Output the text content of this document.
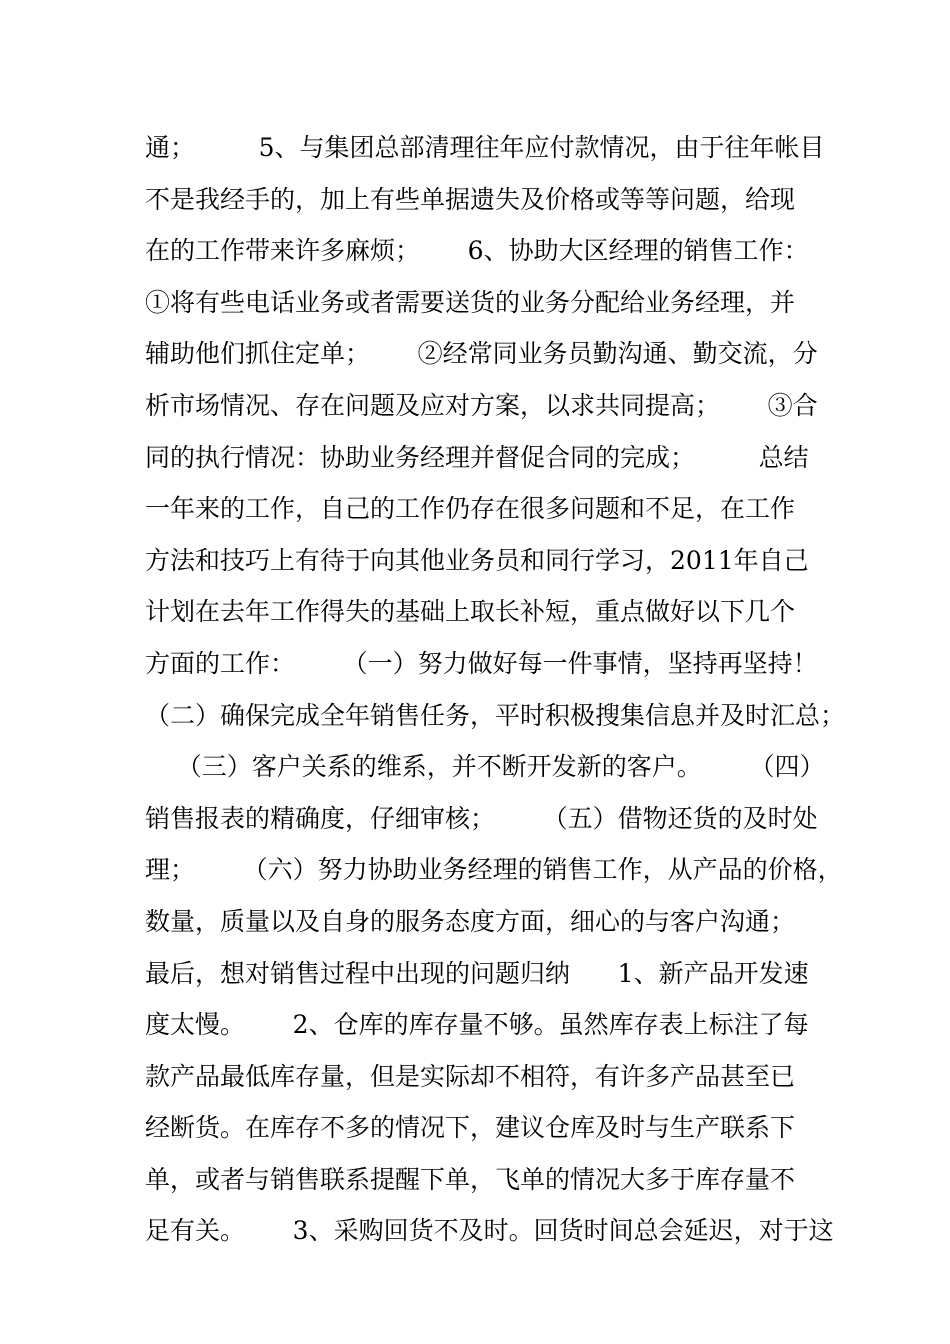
通；        5、与集团总部清理往年应付款情况，由于往年帐目
不是我经手的，加上有些单据遗失及价格或等等问题，给现
在的工作带来许多麻烦；      6、协助大区经理的销售工作：
①将有些电话业务或者需要送货的业务分配给业务经理，并
辅助他们抓住定单；      ②经常同业务员勤沟通、勤交流，分
析市场情况、存在问题及应对方案，以求共同提高；      ③合
同的执行情况：协助业务经理并督促合同的完成；        总结
一年来的工作，自己的工作仍存在很多问题和不足，在工作
方法和技巧上有待于向其他业务员和同行学习，2011年自己
计划在去年工作得失的基础上取长补短，重点做好以下几个
方面的工作：      （一）努力做好每一件事情，坚持再坚持！
（二）确保完成全年销售任务，平时积极搜集信息并及时汇总；
（三）客户关系的维系，并不断开发新的客户。      （四）
销售报表的精确度，仔细审核；      （五）借物还货的及时处
理；      （六）努力协助业务经理的销售工作，从产品的价格，
数量，质量以及自身的服务态度方面，细心的与客户沟通；
最后，想对销售过程中出现的问题归纳      1、新产品开发速
度太慢。      2、仓库的库存量不够。虽然库存表上标注了每
款产品最低库存量，但是实际却不相符，有许多产品甚至已
经断货。在库存不多的情况下，建议仓库及时与生产联系下
单，或者与销售联系提醒下单，飞单的情况大多于库存量不
足有关。      3、采购回货不及时。回货时间总会延迟，对于这
